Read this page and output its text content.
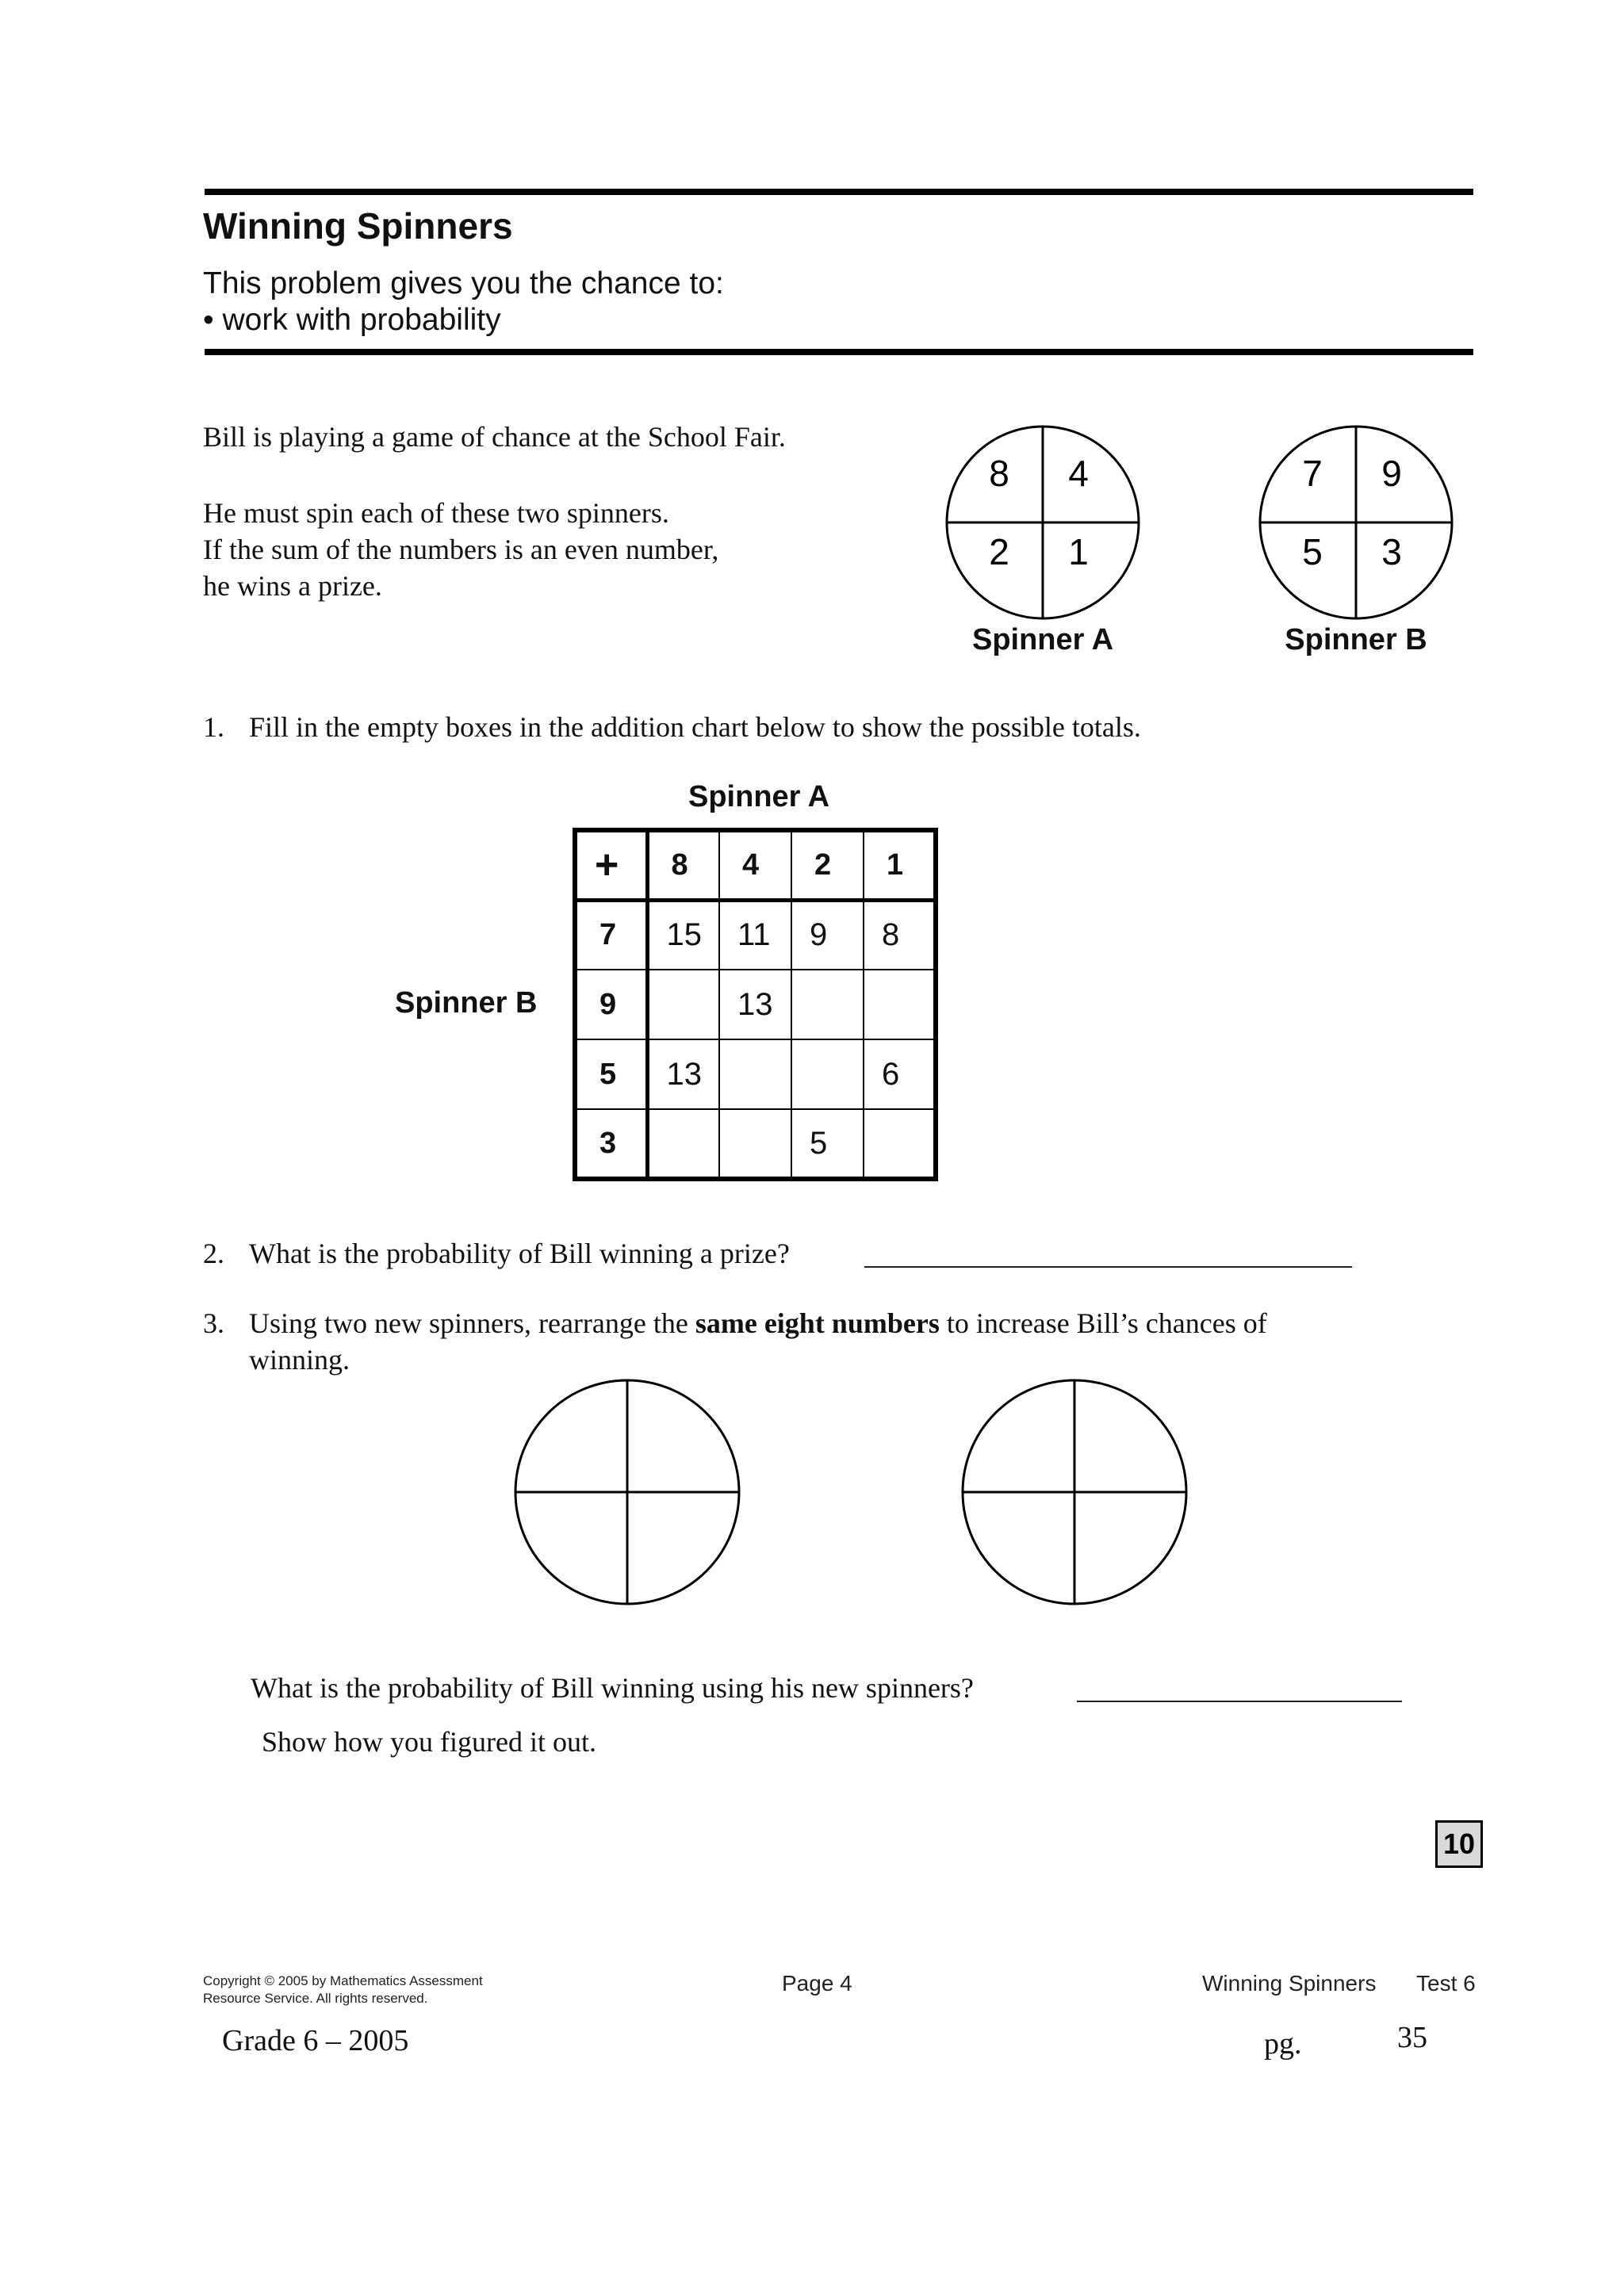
Winning Spinners
This problem gives you the chance to:
• work with probability
Bill is playing a game of chance at the School Fair.
He must spin each of these two spinners.
If the sum of the numbers is an even number,
he wins a prize.
8 4
2 1
Spinner A
7 9
5 3
Spinner B
1. Fill in the empty boxes in the addition chart below to show the possible totals.
Spinner A
Spinner B
+	8	4	2	1
7	15	11	9	8
9		13		
5	13			6
3			5	
2. What is the probability of Bill winning a prize?
3. Using two new spinners, rearrange the same eight numbers to increase Bill’s chances of
winning.
What is the probability of Bill winning using his new spinners?
Show how you figured it out.
10
Copyright © 2005 by Mathematics Assessment
Resource Service. All rights reserved.
Page 4	Winning Spinners Test 6
Grade 6 – 2005	pg.	35
